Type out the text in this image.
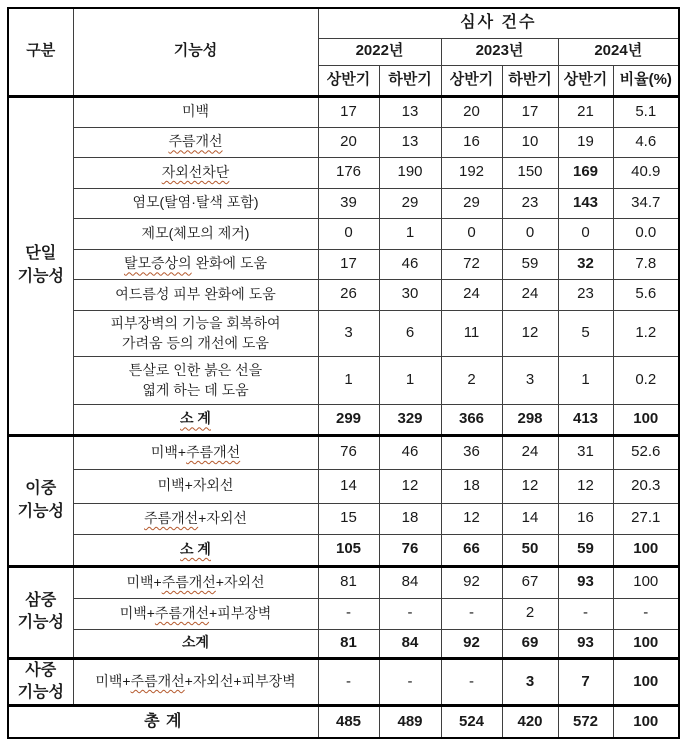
구분	기능성	심사 건수					
		2022년		2023년		2024년	
		상반기	하반기	상반기	하반기	상반기	비율(%)

단일
기능성	미백	17	13	20	17	21	5.1
	주름개선	20	13	16	10	19	4.6
	자외선차단	176	190	192	150	169	40.9
	염모(탈염·탈색 포함)	39	29	29	23	143	34.7
	제모(체모의 제거)	0	1	0	0	0	0.0
	탈모증상의 완화에 도움	17	46	72	59	32	7.8
	여드름성 피부 완화에 도움	26	30	24	24	23	5.6

	피부장벽의 기능을 회복하여
가려움 등의 개선에 도움	3	6	11	12	5	1.2

	튼살로 인한 붉은 선을
엷게 하는 데 도움	1	1	2	3	1	0.2
	소 계	299	329	366	298	413	100

이중
기능성	미백+주름개선	76	46	36	24	31	52.6
	미백+자외선	14	12	18	12	12	20.3
	주름개선+자외선	15	18	12	14	16	27.1
	소 계	105	76	66	50	59	100

삼중
기능성	미백+주름개선+자외선	81	84	92	67	93	100
	미백+주름개선+피부장벽	-	-	-	2	-	-
	소계	81	84	92	69	93	100

사중
기능성	미백+주름개선+자외선+피부장벽	-	-	-	3	7	100
총 계		485	489	524	420	572	100
